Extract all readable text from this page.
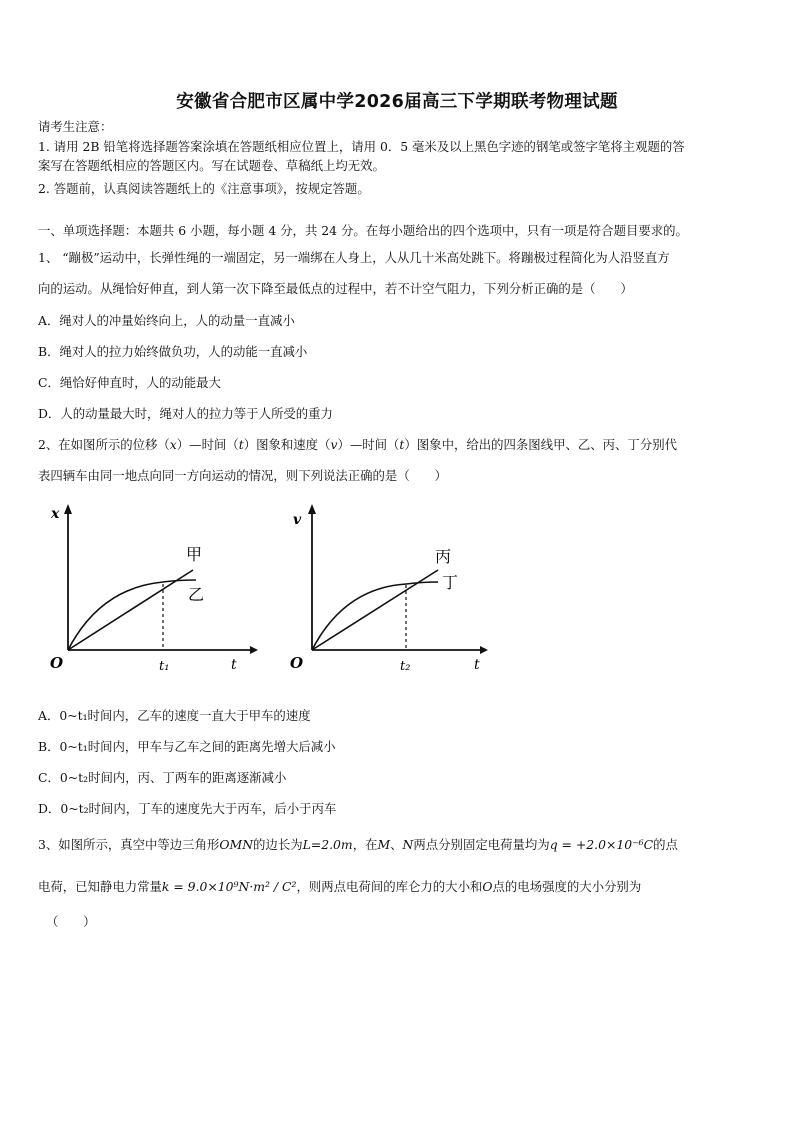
安徽省合肥市区属中学2026届高三下学期联考物理试题
请考生注意：
1. 请用 2B 铅笔将选择题答案涂填在答题纸相应位置上，请用 0．5 毫米及以上黑色字迹的钢笔或签字笔将主观题的答
案写在答题纸相应的答题区内。写在试题卷、草稿纸上均无效。
2. 答题前，认真阅读答题纸上的《注意事项》，按规定答题。
一、单项选择题：本题共 6 小题，每小题 4 分，共 24 分。在每小题给出的四个选项中，只有一项是符合题目要求的。
1、 “蹦极”运动中，长弹性绳的一端固定，另一端绑在人身上，人从几十米高处跳下。将蹦极过程简化为人沿竖直方
向的运动。从绳恰好伸直，到人第一次下降至最低点的过程中，若不计空气阻力，下列分析正确的是（　　）
A．绳对人的冲量始终向上，人的动量一直减小
B．绳对人的拉力始终做负功，人的动能一直减小
C．绳恰好伸直时，人的动能最大
D．人的动量最大时，绳对人的拉力等于人所受的重力
2、在如图所示的位移（x）—时间（t）图象和速度（v）—时间（t）图象中，给出的四条图线甲、乙、丙、丁分别代
表四辆车由同一地点向同一方向运动的情况，则下列说法正确的是（　　）
x
O	t
t₁
甲
乙
v
O	t
t₂
丙
丁
A．0~t₁时间内，乙车的速度一直大于甲车的速度
B．0~t₁时间内，甲车与乙车之间的距离先增大后减小
C．0~t₂时间内，丙、丁两车的距离逐渐减小
D．0~t₂时间内，丁车的速度先大于丙车，后小于丙车
3、如图所示，真空中等边三角形OMN的边长为L=2.0m，在M、N两点分别固定电荷量均为q = +2.0×10⁻⁶C的点
电荷，已知静电力常量k = 9.0×10⁹N·m² / C²，则两点电荷间的库仑力的大小和O点的电场强度的大小分别为
（　　）
